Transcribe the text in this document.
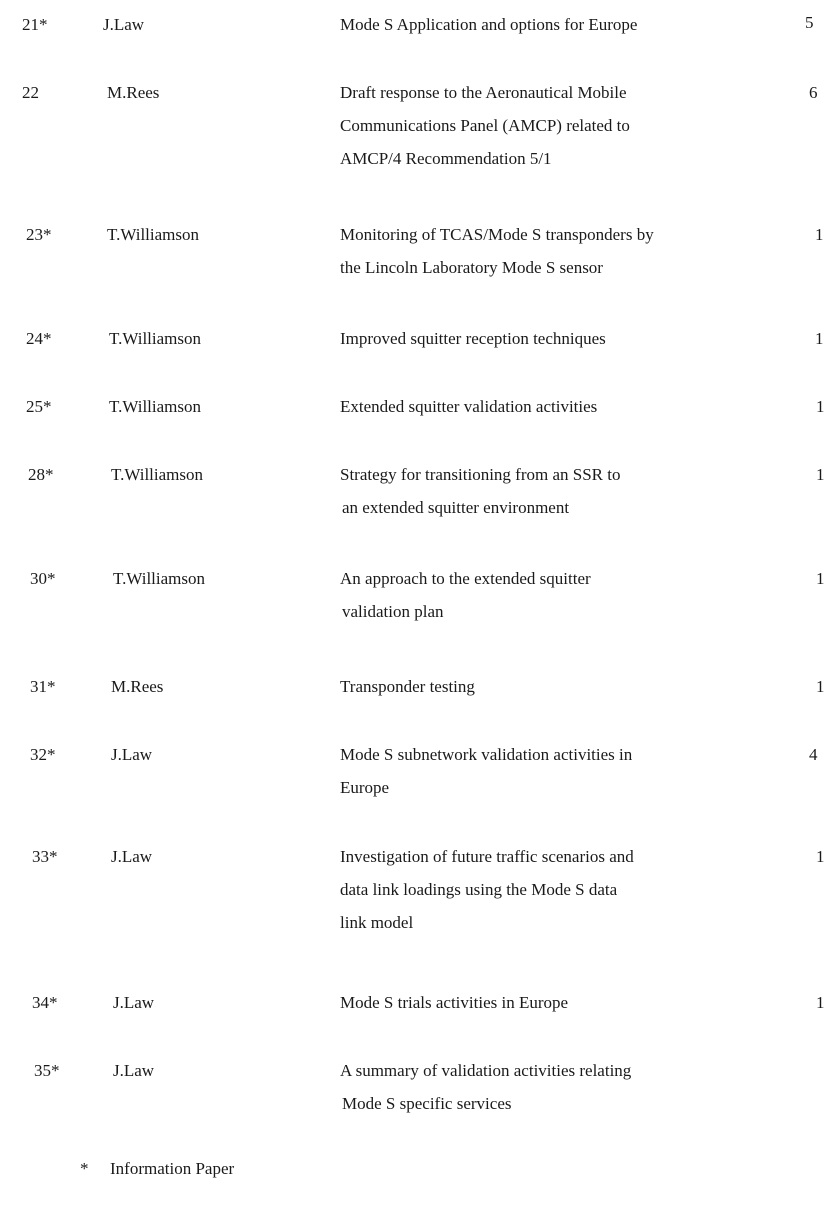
21*	J.Law	Mode S Application and options for Europe	5
22	M.Rees	Draft response to the Aeronautical Mobile
Communications Panel (AMCP) related to
AMCP/4 Recommendation 5/1
6
23*	T.Williamson	Monitoring of TCAS/Mode S transponders by
the Lincoln Laboratory Mode S sensor
1
24*	T.Williamson	Improved squitter reception techniques	1
25*	T.Williamson	Extended squitter validation activities	1
28*	T.Williamson	Strategy for transitioning from an SSR to
an extended squitter environment
1
30*	T.Williamson	An approach to the extended squitter
validation plan
1
31*	M.Rees	Transponder testing	1
32*	J.Law	Mode S subnetwork validation activities in
Europe
4
33*	J.Law	Investigation of future traffic scenarios and
data link loadings using the Mode S data
link model
1
34*	J.Law	Mode S trials activities in Europe	1
35*	J.Law	A summary of validation activities relating
Mode S specific services
* Information Paper
